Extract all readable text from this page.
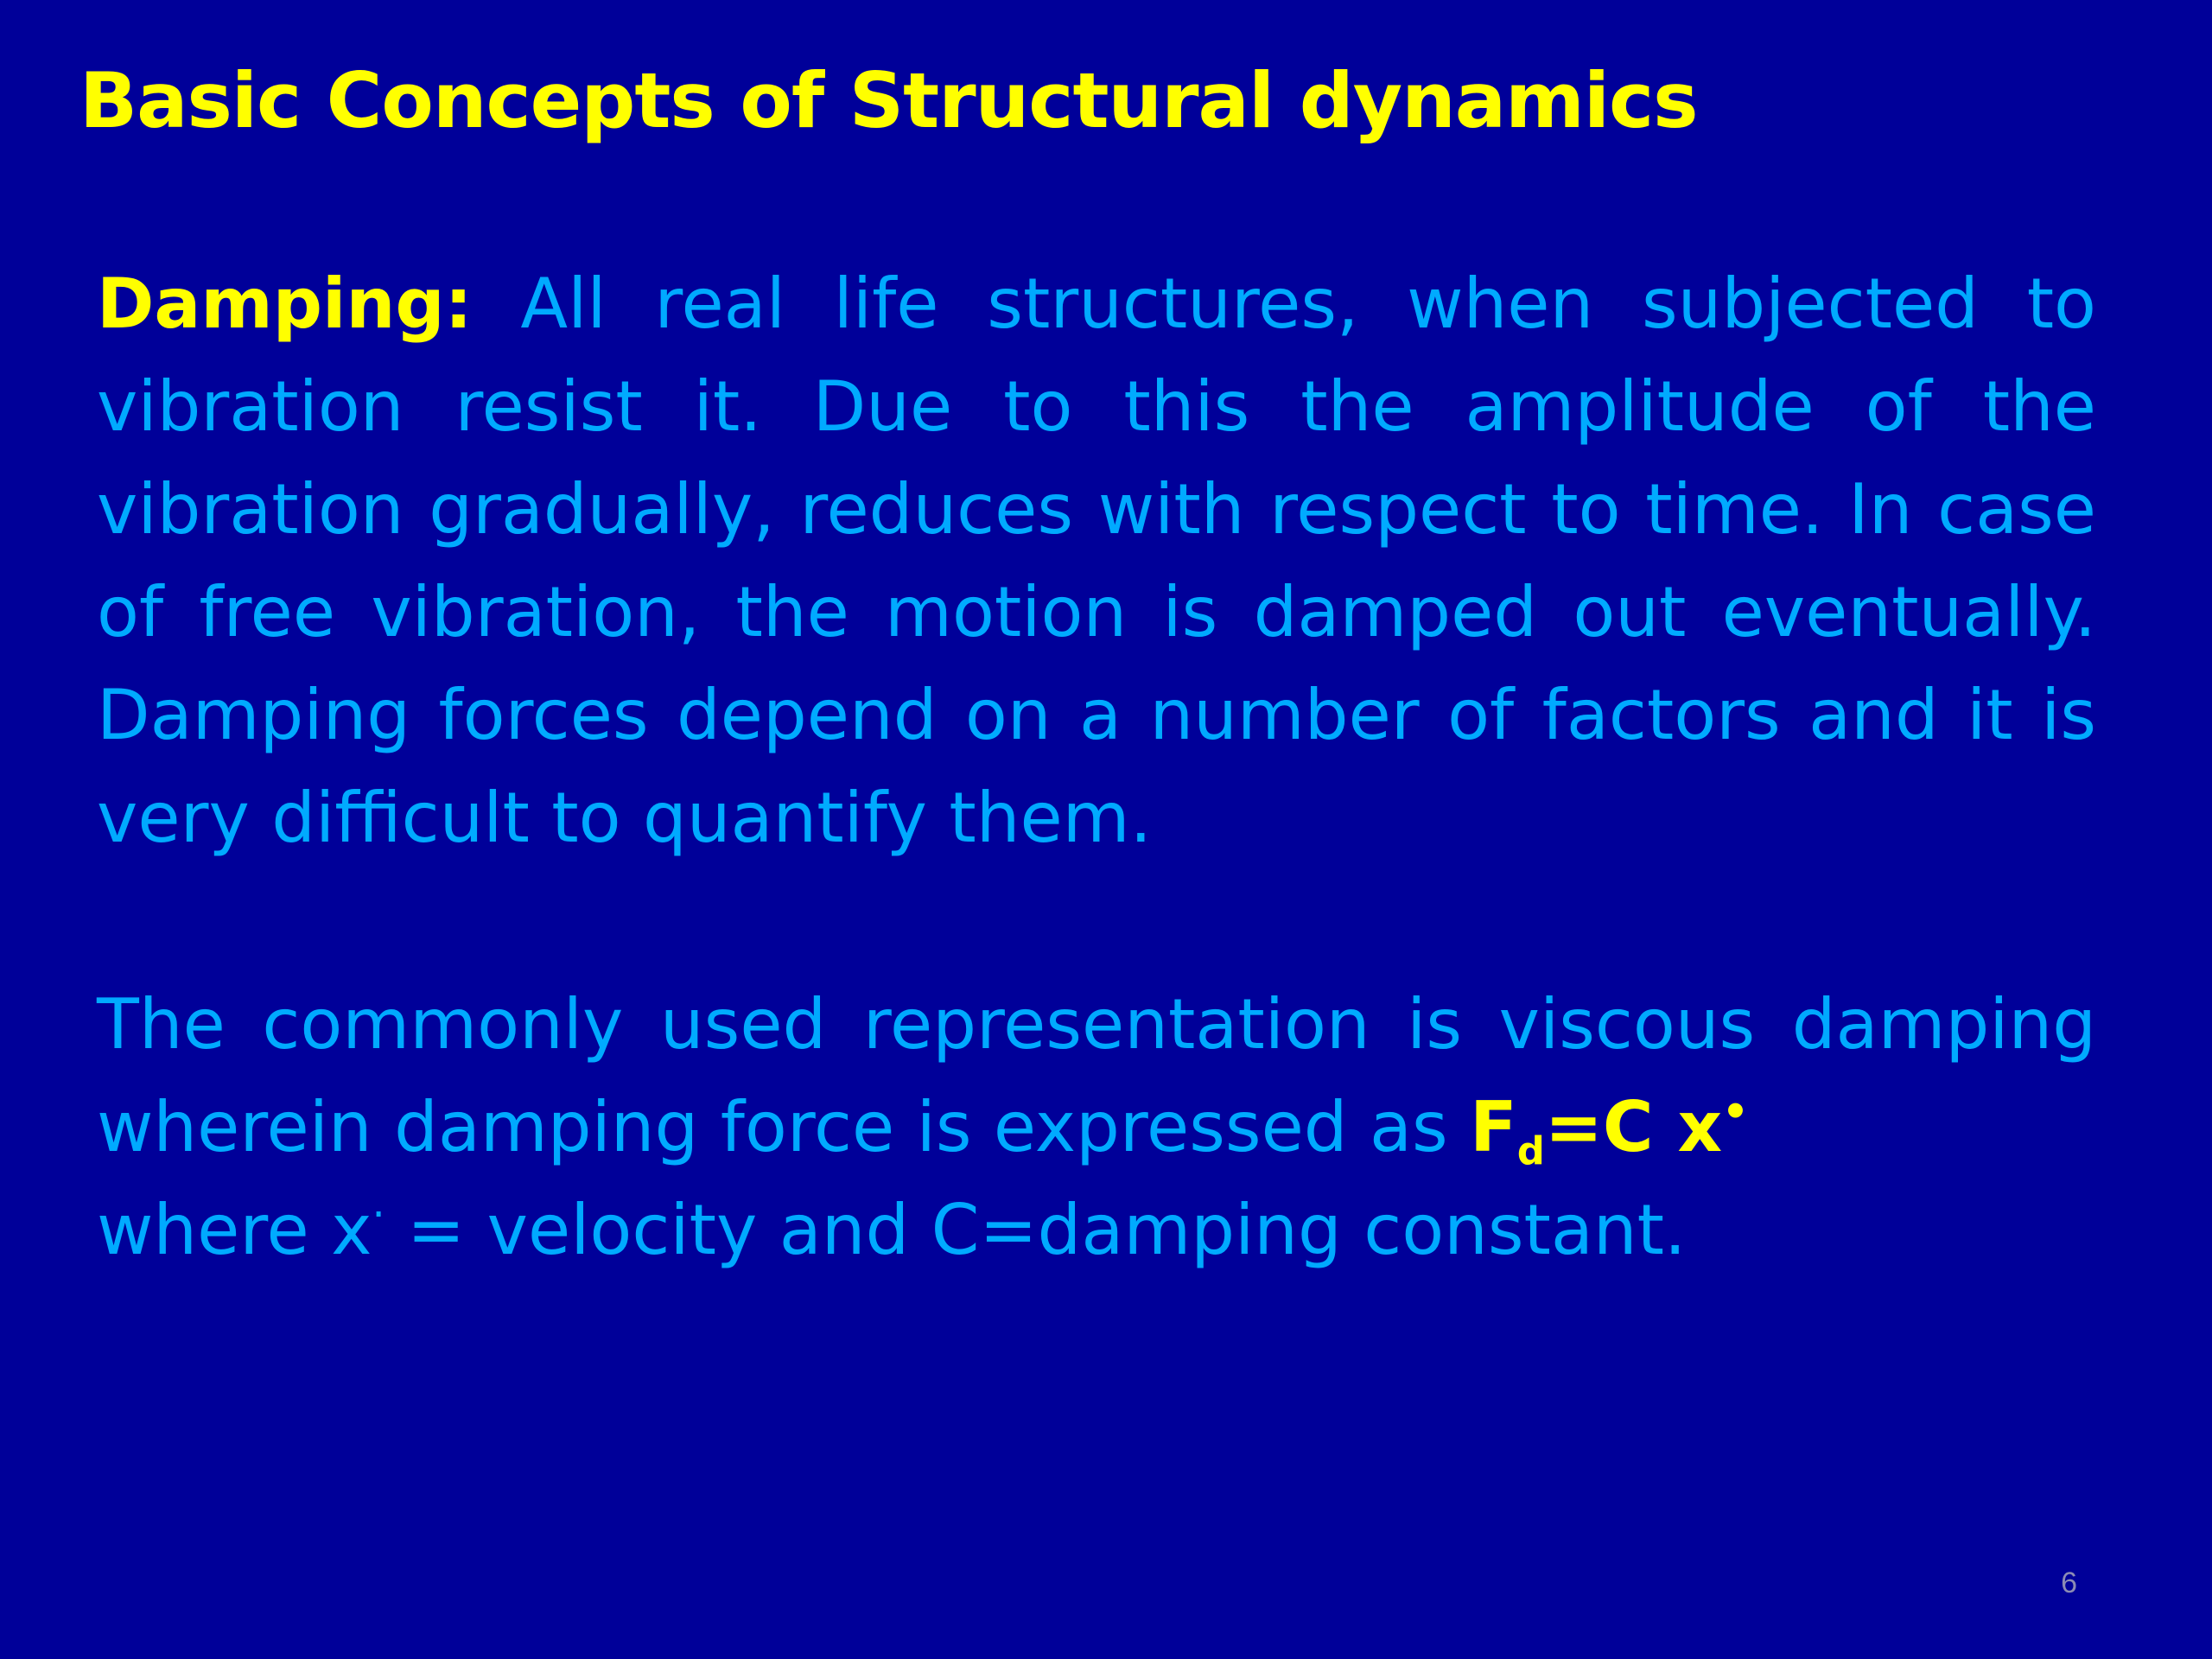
Basic Concepts of Structural dynamics

Damping: All real life structures, when subjected to vibration resist it. Due to this the amplitude of the vibration gradually, reduces with respect to time. In case of free vibration, the motion is damped out eventually. Damping forces depend on a number of factors and it is very difficult to quantify them.

The commonly used representation is viscous damping
wherein damping force is expressed as $F_d=C$ x•
where x· = velocity and C=damping constant.
6
